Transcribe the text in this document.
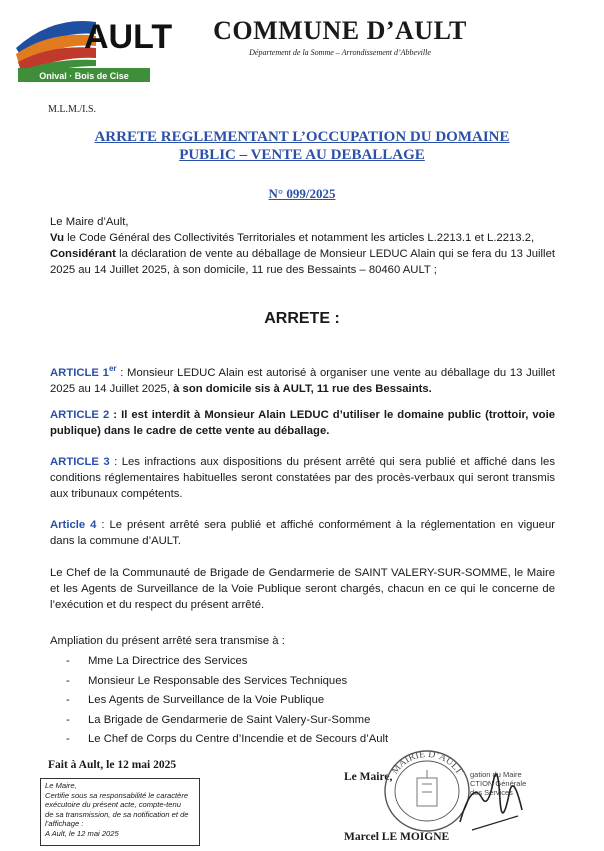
AULT
Onival · Bois de Cise
COMMUNE D’AULT
Département de la Somme – Arrondissement d’Abbeville
M.L.M./I.S.
ARRETE REGLEMENTANT L’OCCUPATION DU DOMAINE
PUBLIC – VENTE AU DEBALLAGE
N° 099/2025
Le Maire d’Ault,
Vu le Code Général des Collectivités Territoriales et notamment les articles L.2213.1 et L.2213.2,
Considérant la déclaration de vente au déballage de Monsieur LEDUC Alain qui se fera du 13 Juillet 2025 au 14 Juillet 2025, à son domicile, 11 rue des Bessaints – 80460 AULT ;
ARRETE :
ARTICLE 1er : Monsieur LEDUC Alain est autorisé à organiser une vente au déballage du 13 Juillet 2025 au 14 Juillet 2025, à son domicile sis à AULT, 11 rue des Bessaints.
ARTICLE 2 : Il est interdit à Monsieur Alain LEDUC d’utiliser le domaine public (trottoir, voie publique) dans le cadre de cette vente au déballage.
ARTICLE 3 : Les infractions aux dispositions du présent arrêté qui sera publié et affiché dans les conditions réglementaires habituelles seront constatées par des procès-verbaux qui seront transmis aux tribunaux compétents.
Article 4 : Le présent arrêté sera publié et affiché conformément à la réglementation en vigueur dans la commune d’AULT.
Le Chef de la Communauté de Brigade de Gendarmerie de SAINT VALERY-SUR-SOMME, le Maire et les Agents de Surveillance de la Voie Publique seront chargés, chacun en ce qui le concerne de l’exécution et du respect du présent arrêté.
Ampliation du présent arrêté sera transmise à :
- Mme La Directrice des Services
- Monsieur Le Responsable des Services Techniques
- Les Agents de Surveillance de la Voie Publique
- La Brigade de Gendarmerie de Saint Valery-Sur-Somme
- Le Chef de Corps du Centre d’Incendie et de Secours d’Ault
Fait à Ault, le 12 mai 2025
Le Maire,
Certifie sous sa responsabilité le caractère
exécutoire du présent acte, compte-tenu
de sa transmission, de sa notification et de
l’affichage :
A Ault, le 12 mai 2025
Le Maire,
MAIRIE D’AULT gation du Maire
CTION Générale
des Services
Marcel LE MOIGNE
